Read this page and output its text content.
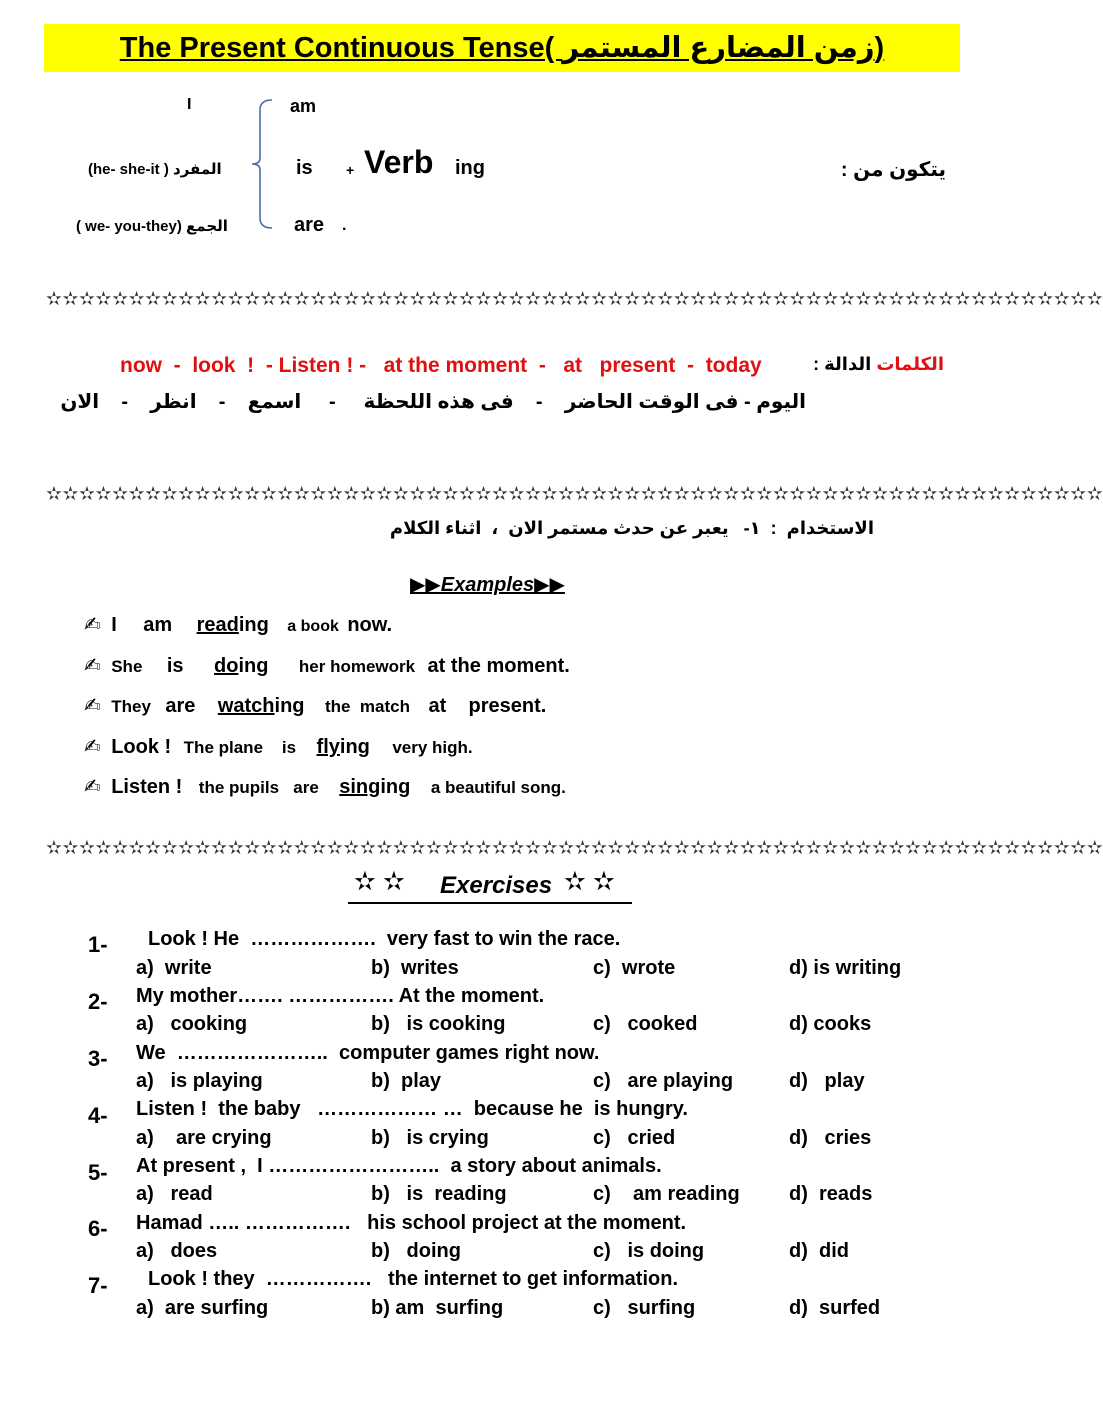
The Present Continuous Tense( زمن المضارع المستمر)
I
(he- she-it ) المفرد
( we- you-they) الجمع
am
is
are .
+ Verb ing	يتكون من :
✫✫✫✫✫✫✫✫✫✫✫✫✫✫✫✫✫✫✫✫✫✫✫✫✫✫✫✫✫✫✫✫✫✫✫✫✫✫✫✫✫✫✫✫✫✫✫✫✫✫✫✫✫✫✫✫✫✫✫✫✫✫✫✫
الكلمات الدالة :
now  -  look  !  - Listen ! -   at the moment  -   at   present  -  today
اليوم - فى الوقت الحاضر    -    فى هذه اللحظة     -     اسمع    -    انظر    -    الان
✫✫✫✫✫✫✫✫✫✫✫✫✫✫✫✫✫✫✫✫✫✫✫✫✫✫✫✫✫✫✫✫✫✫✫✫✫✫✫✫✫✫✫✫✫✫✫✫✫✫✫✫✫✫✫✫✫✫✫✫✫✫✫✫
الاستخدام  :  ١-   يعبر عن حدث مستمر الان  ،  اثناء الكلام
▶▶Examples▶▶
✍ I am reading a book now.
✍ She is doing her homework at the moment.
✍ They are watching the  match at    present.
✍ Look ! The plane    is flying very high.
✍ Listen ! the pupils   are singing a beautiful song.
✫✫✫✫✫✫✫✫✫✫✫✫✫✫✫✫✫✫✫✫✫✫✫✫✫✫✫✫✫✫✫✫✫✫✫✫✫✫✫✫✫✫✫✫✫✫✫✫✫✫✫✫✫✫✫✫✫✫✫✫✫✫✫✫
✫ ✫ Exercises ✫ ✫
1- Look ! He  ……………….  very fast to win the race.
a)  write	b)  writes	c)  wrote	d) is writing
2- My mother……. ……………. At the moment.
a)   cooking	b)   is cooking	c)   cooked	d) cooks
3- We  …………………..  computer games right now.
a)   is playing	b)  play	c)   are playing	d)   play
4- Listen !  the baby   ……………… …  because he  is hungry.
a)    are crying	b)   is crying	c)   cried	d)   cries
5- At present ,  I ……………………..  a story about animals.
a)   read	b)   is  reading	c)    am reading d)  reads
6- Hamad ….. …………….   his school project at the moment.
a)   does	b)   doing	c)   is doing	d)  did
7- Look ! they  …………….   the internet to get information.
a)  are surfing	b) am  surfing	c)   surfing	d)  surfed
